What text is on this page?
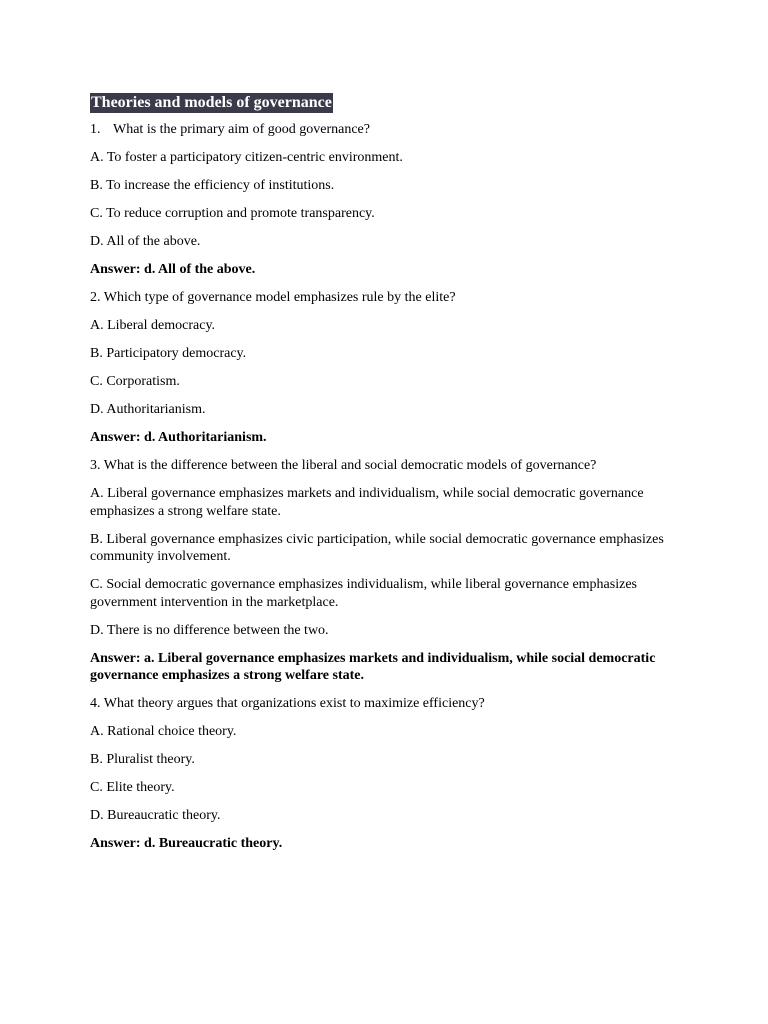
Theories and models of governance
1. What is the primary aim of good governance?
A. To foster a participatory citizen-centric environment.
B. To increase the efficiency of institutions.
C. To reduce corruption and promote transparency.
D. All of the above.
Answer: d. All of the above.
2. Which type of governance model emphasizes rule by the elite?
A. Liberal democracy.
B. Participatory democracy.
C. Corporatism.
D. Authoritarianism.
Answer: d. Authoritarianism.
3. What is the difference between the liberal and social democratic models of governance?
A. Liberal governance emphasizes markets and individualism, while social democratic governance emphasizes a strong welfare state.
B. Liberal governance emphasizes civic participation, while social democratic governance emphasizes community involvement.
C. Social democratic governance emphasizes individualism, while liberal governance emphasizes government intervention in the marketplace.
D. There is no difference between the two.
Answer: a. Liberal governance emphasizes markets and individualism, while social democratic governance emphasizes a strong welfare state.
4. What theory argues that organizations exist to maximize efficiency?
A. Rational choice theory.
B. Pluralist theory.
C. Elite theory.
D. Bureaucratic theory.
Answer: d. Bureaucratic theory.
